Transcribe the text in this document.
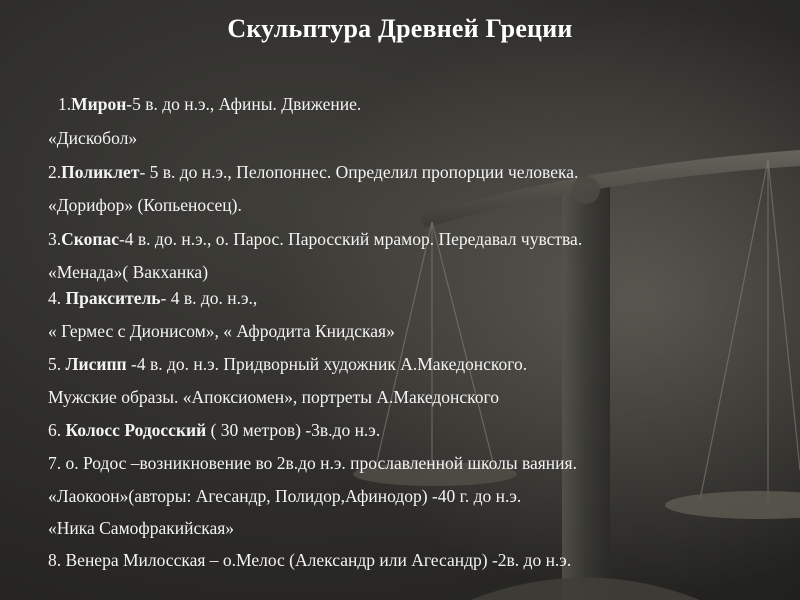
Скульптура Древней Греции
1.Мирон-5 в. до н.э., Афины. Движение.
«Дискобол»
2.Поликлет- 5 в. до н.э., Пелопоннес. Определил пропорции человека.
«Дорифор» (Копьеносец).
3.Скопас-4 в. до. н.э., о. Парос. Паросский мрамор. Передавал чувства.
«Менада»( Вакханка)
4. Пракситель- 4 в. до. н.э.,
« Гермес с Дионисом», « Афродита Книдская»
5. Лисипп -4 в. до. н.э. Придворный художник А.Македонского.
Мужские образы. «Апоксиомен», портреты А.Македонского
6. Колосс Родосский ( 30 метров) -3в.до н.э.
7. о. Родос –возникновение во 2в.до н.э. прославленной школы ваяния.
«Лаокоон»(авторы: Агесандр, Полидор,Афинодор) -40 г. до н.э.
«Ника Самофракийская»
8. Венера Милосская – о.Мелос (Александр или Агесандр) -2в. до н.э.
